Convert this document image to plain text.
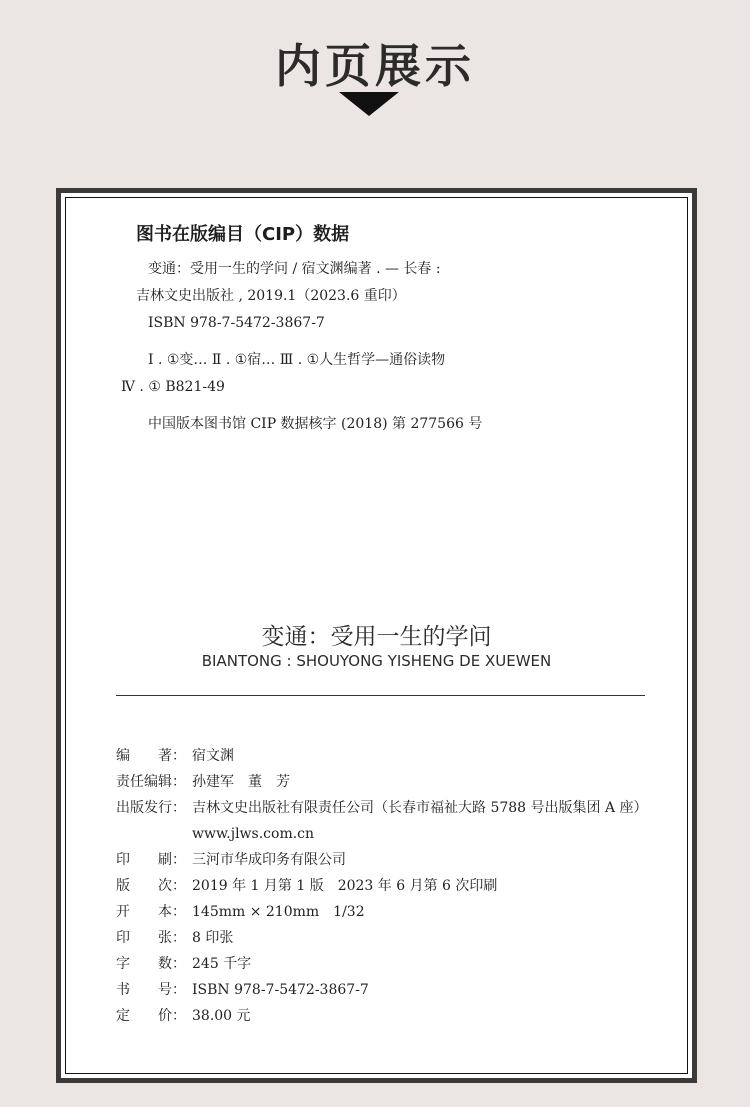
内页展示
图书在版编目（CIP）数据
变通：受用一生的学问 / 宿文渊编著 . — 长春 :
吉林文史出版社 , 2019.1（2023.6 重印）
ISBN 978-7-5472-3867-7
Ⅰ . ①变… Ⅱ . ①宿… Ⅲ . ①人生哲学—通俗读物
Ⅳ . ① B821-49
中国版本图书馆 CIP 数据核字 (2018) 第 277566 号
变通：受用一生的学问
BIANTONG : SHOUYONG YISHENG DE XUEWEN
编　　著： 宿文渊
责任编辑： 孙建军　董　芳
出版发行： 吉林文史出版社有限责任公司（长春市福祉大路 5788 号出版集团 A 座）
www.jlws.com.cn
印　　刷： 三河市华成印务有限公司
版　　次： 2019 年 1 月第 1 版　2023 年 6 月第 6 次印刷
开　　本： 145mm × 210mm　1/32
印　　张： 8 印张
字　　数： 245 千字
书　　号： ISBN 978-7-5472-3867-7
定　　价： 38.00 元
